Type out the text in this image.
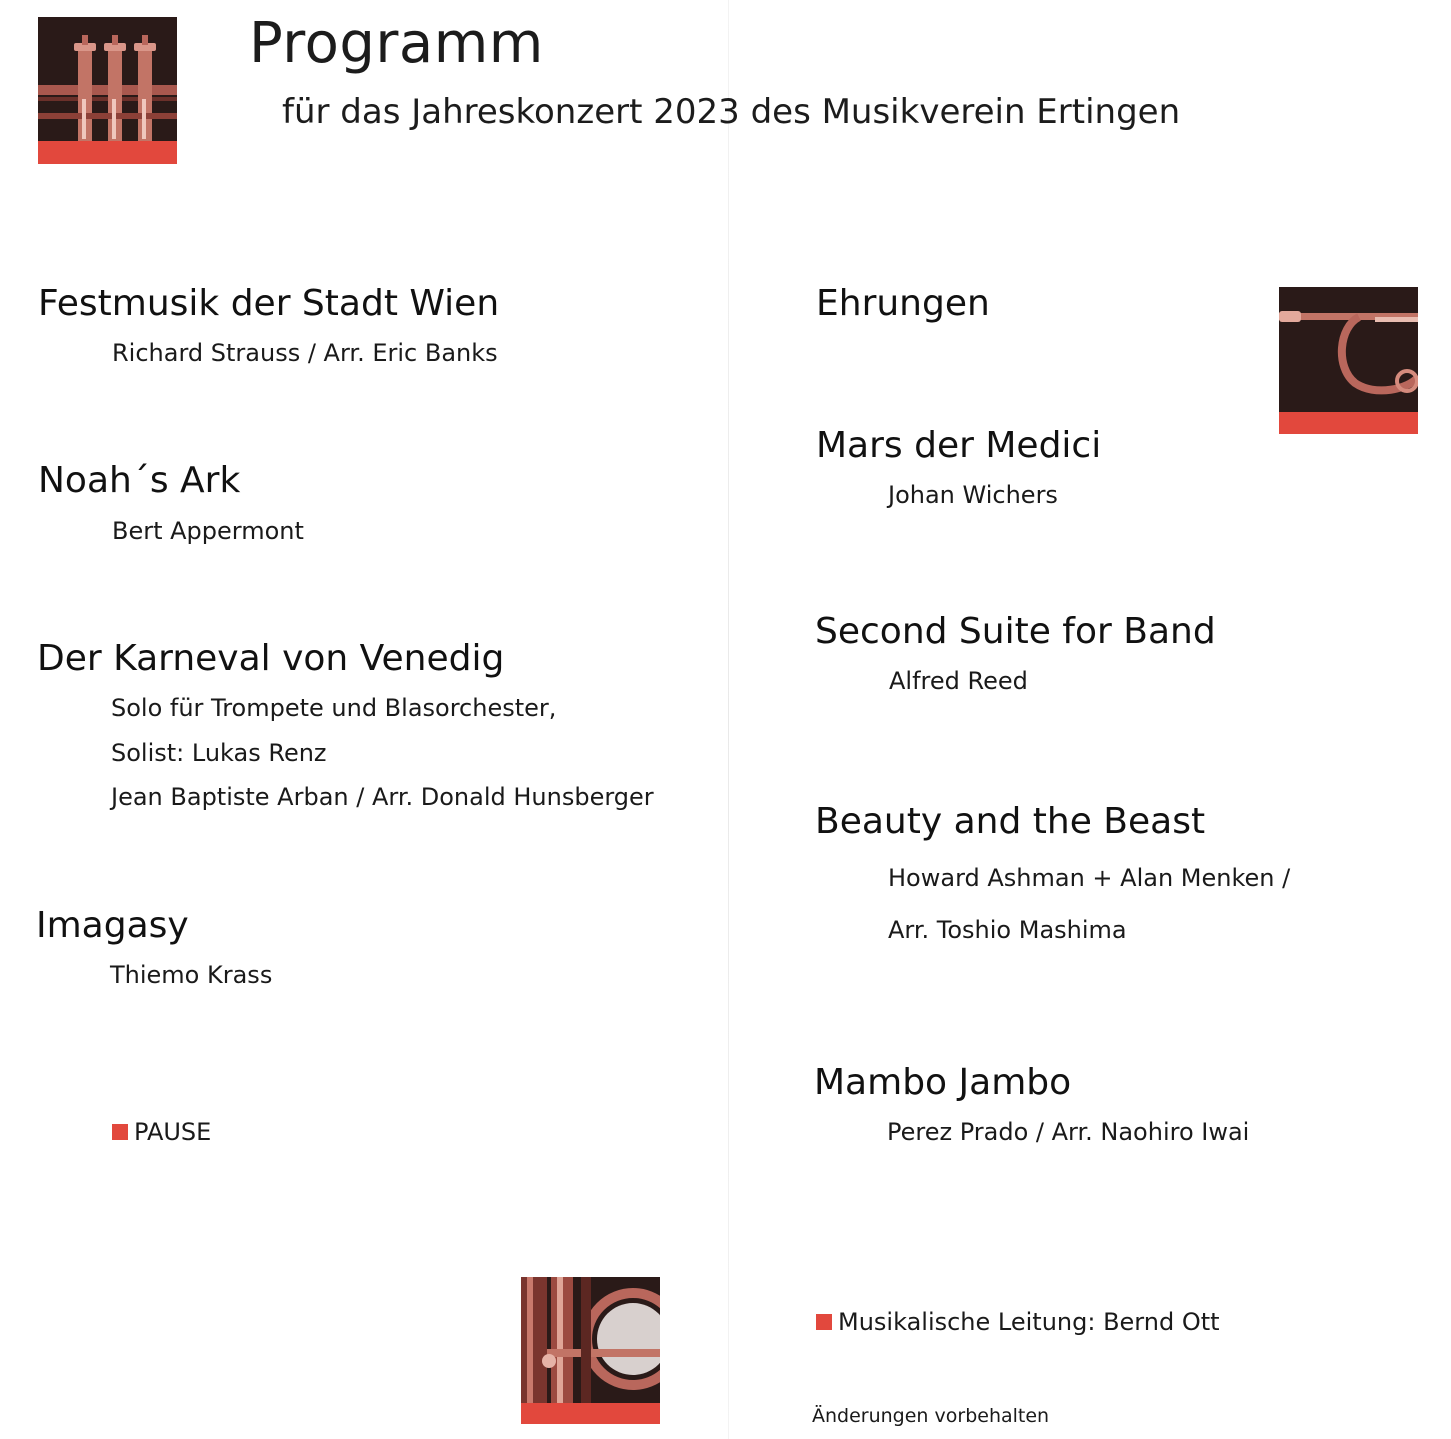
Programm
für das Jahreskonzert 2023 des Musikverein Ertingen
Festmusik der Stadt Wien
Richard Strauss / Arr. Eric Banks
Noah´s Ark
Bert Appermont
Der Karneval von Venedig
Solo für Trompete und Blasorchester,
Solist: Lukas Renz
Jean Baptiste Arban / Arr. Donald Hunsberger
Imagasy
Thiemo Krass
PAUSE
Ehrungen
Mars der Medici
Johan Wichers
Second Suite for Band
Alfred Reed
Beauty and the Beast
Howard Ashman + Alan Menken /
Arr. Toshio Mashima
Mambo Jambo
Perez Prado / Arr. Naohiro Iwai
Musikalische Leitung: Bernd Ott
Änderungen vorbehalten
